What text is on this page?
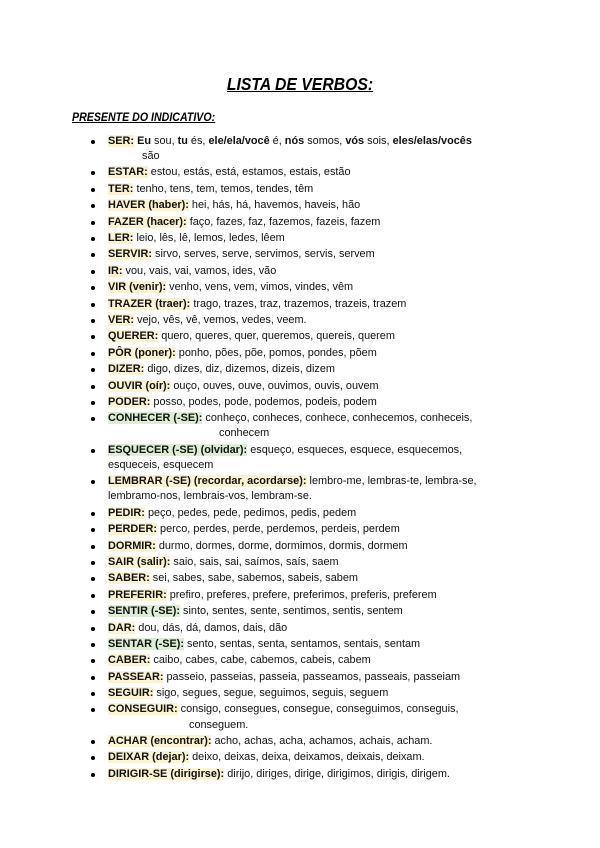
LISTA DE VERBOS:
PRESENTE DO INDICATIVO:
SER: Eu sou, tu és, ele/ela/você é, nós somos, vós sois, eles/elas/vocês
são
ESTAR: estou, estás, está, estamos, estais, estão
TER: tenho, tens, tem, temos, tendes, têm
HAVER (haber): hei, hás, há, havemos, haveis, hão
FAZER (hacer): faço, fazes, faz, fazemos, fazeis, fazem
LER: leio, lês, lê, lemos, ledes, lêem
SERVIR: sirvo, serves, serve, servimos, servis, servem
IR: vou, vais, vai, vamos, ides, vão
VIR (venir): venho, vens, vem, vimos, vindes, vêm
TRAZER (traer): trago, trazes, traz, trazemos, trazeis, trazem
VER: vejo, vês, vê, vemos, vedes, veem.
QUERER: quero, queres, quer, queremos, quereis, querem
PÔR (poner): ponho, pões, põe, pomos, pondes, põem
DIZER: digo, dizes, diz, dizemos, dizeis, dizem
OUVIR (oír): ouço, ouves, ouve, ouvimos, ouvis, ouvem
PODER: posso, podes, pode, podemos, podeis, podem
CONHECER (-SE): conheço, conheces, conhece, conhecemos, conheceis,
conhecem
ESQUECER (-SE) (olvidar): esqueço, esqueces, esquece, esquecemos,
esqueceis, esquecem
LEMBRAR (-SE) (recordar, acordarse): lembro-me, lembras-te, lembra-se,
lembramo-nos, lembrais-vos, lembram-se.
PEDIR: peço, pedes, pede, pedimos, pedis, pedem
PERDER: perco, perdes, perde, perdemos, perdeis, perdem
DORMIR: durmo, dormes, dorme, dormimos, dormis, dormem
SAIR (salir): saio, sais, sai, saímos, saís, saem
SABER: sei, sabes, sabe, sabemos, sabeis, sabem
PREFERIR: prefiro, preferes, prefere, preferimos, preferis, preferem
SENTIR (-SE): sinto, sentes, sente, sentimos, sentis, sentem
DAR: dou, dás, dá, damos, dais, dão
SENTAR (-SE): sento, sentas, senta, sentamos, sentais, sentam
CABER: caibo, cabes, cabe, cabemos, cabeis, cabem
PASSEAR: passeio, passeias, passeia, passeamos, passeais, passeiam
SEGUIR: sigo, segues, segue, seguimos, seguis, seguem
CONSEGUIR: consigo, consegues, consegue, conseguimos, conseguis,
conseguem.
ACHAR (encontrar): acho, achas, acha, achamos, achais, acham.
DEIXAR (dejar): deixo, deixas, deixa, deixamos, deixais, deixam.
DIRIGIR-SE (dirigirse): dirijo, diriges, dirige, dirigimos, dirigis, dirigem.
